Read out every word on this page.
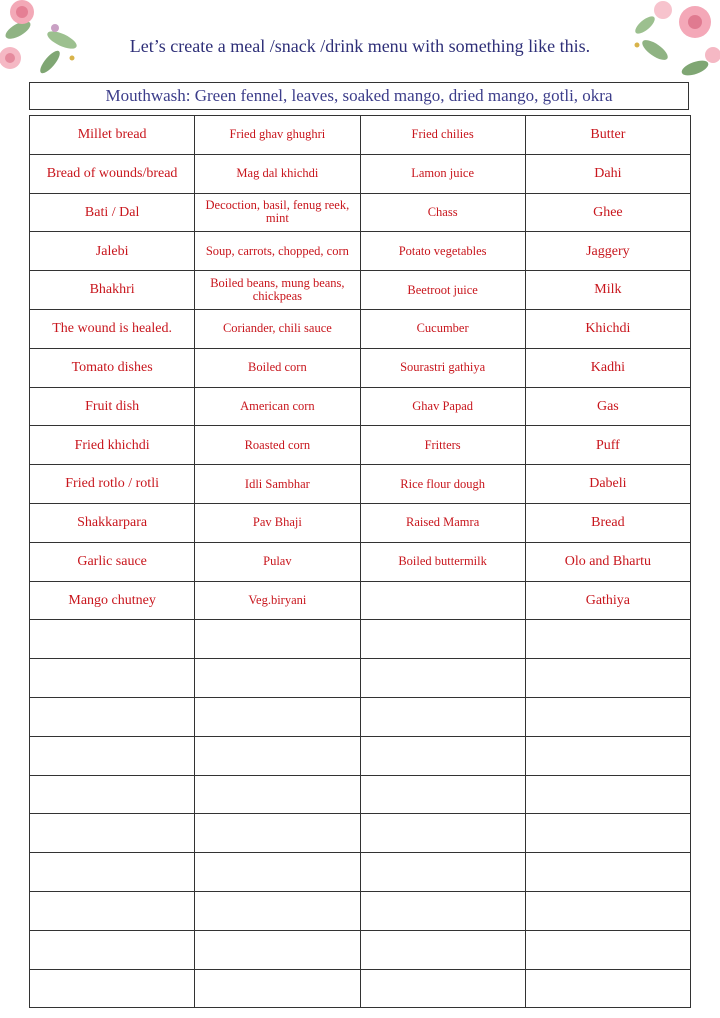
Let’s create a meal /snack /drink menu with something like this.
Mouthwash: Green fennel, leaves, soaked mango, dried mango, gotli, okra
Millet bread	Fried ghav ghughri	Fried chilies	Butter
Bread of wounds/bread	Mag dal khichdi	Lamon juice	Dahi
Bati / Dal	Decoction, basil, fenug reek, mint	Chass	Ghee
Jalebi	Soup, carrots, chopped, corn	Potato vegetables	Jaggery
Bhakhri	Boiled beans, mung beans, chickpeas	Beetroot juice	Milk
The wound is healed.	Coriander, chili sauce	Cucumber	Khichdi
Tomato dishes	Boiled corn	Sourastri gathiya	Kadhi
Fruit dish	American corn	Ghav Papad	Gas
Fried khichdi	Roasted corn	Fritters	Puff
Fried rotlo / rotli	Idli Sambhar	Rice flour dough	Dabeli
Shakkarpara	Pav Bhaji	Raised Mamra	Bread
Garlic sauce	Pulav	Boiled buttermilk	Olo and Bhartu
Mango chutney	Veg.biryani		Gathiya
